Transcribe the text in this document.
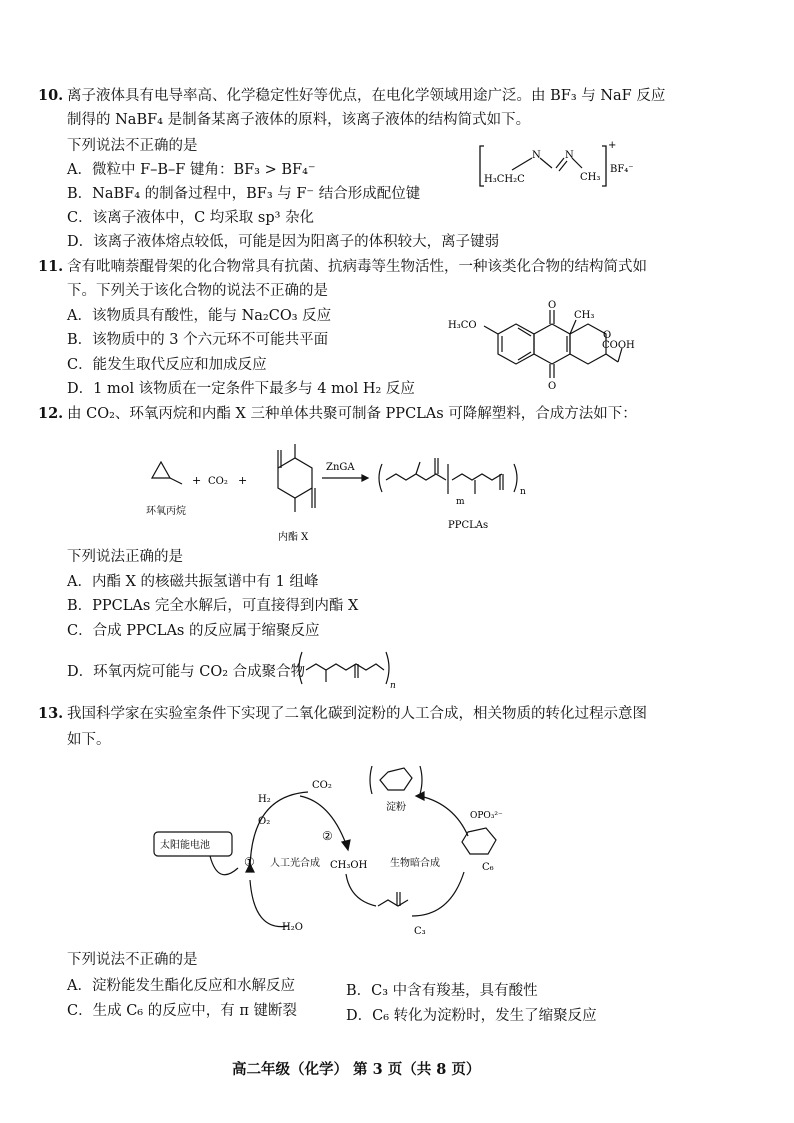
10. 离子液体具有电导率高、化学稳定性好等优点，在电化学领域用途广泛。由 BF₃ 与 NaF 反应
制得的 NaBF₄ 是制备某离子液体的原料，该离子液体的结构简式如下。
下列说法不正确的是
A．微粒中 F–B–F 键角：BF₃ > BF₄⁻
B．NaBF₄ 的制备过程中，BF₃ 与 F⁻ 结合形成配位键
C．该离子液体中，C 均采取 sp³ 杂化
D．该离子液体熔点较低，可能是因为阳离子的体积较大，离子键弱
H₃CH₂C
N N
CH₃
+
BF₄⁻
11. 含有吡喃萘醌骨架的化合物常具有抗菌、抗病毒等生物活性，一种该类化合物的结构简式如
下。下列关于该化合物的说法不正确的是
A．该物质具有酸性，能与 Na₂CO₃ 反应
B．该物质中的 3 个六元环不可能共平面
C．能发生取代反应和加成反应
D．1 mol 该物质在一定条件下最多与 4 mol H₂ 反应
H₃CO
O
O
O
CH₃
COOH
12. 由 CO₂、环氧丙烷和内酯 X 三种单体共聚可制备 PPCLAs 可降解塑料，合成方法如下：
环氧丙烷
+ CO₂ +
内酯 X
ZnGA
PPCLAs
m
n
下列说法正确的是
A．内酯 X 的核磁共振氢谱中有 1 组峰
B．PPCLAs 完全水解后，可直接得到内酯 X
C．合成 PPCLAs 的反应属于缩聚反应
D．环氧丙烷可能与 CO₂ 合成聚合物
n
13. 我国科学家在实验室条件下实现了二氧化碳到淀粉的人工合成，相关物质的转化过程示意图
如下。
太阳能电池
H₂
O₂
H₂O
CO₂
CH₃OH
①
②
人工光合成	生物暗合成
淀粉
C₃
C₆
OPO₃²⁻
下列说法不正确的是
A．淀粉能发生酯化反应和水解反应	B．C₃ 中含有羧基，具有酸性
C．生成 C₆ 的反应中，有 π 键断裂	D．C₆ 转化为淀粉时，发生了缩聚反应
高二年级（化学） 第 3 页（共 8 页）
